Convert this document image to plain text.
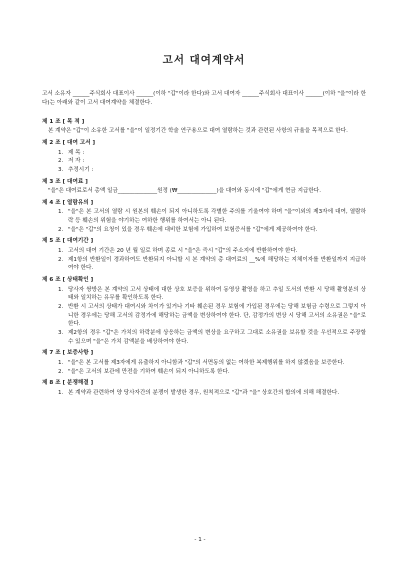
고서 대여계약서
고서 소유자 ______주식회사 대표이사 ______(이하 "갑"이라 한다)와 고서 대여자 ______주식회사 대표이사 ______(이하 "을"이라 한다)는 아래와 같이 고서 대여계약을 체결한다.
제 1 조 [ 목 적 ]
본 계약은 "갑"이 소유한 고서를 "을"이 일정기간 학술 연구용으로 대여 열람하는 것과 관련된 사항의 규율을 목적으로 한다.
제 2 조 [ 대여 고서 ]
1. 제 목 :
2. 저 자 :
3. 추정시기 :
제 3 조 [ 대여료 ]
"을"은 대여료로서 총액 일금______________원정 (₩______________)을 대여와 동시에 "갑"에게 현금 지급한다.
제 4 조 [ 열람유의 ]
1. "을"은 본 고서의 열람 시 원본의 훼손이 되지 아니하도록 각별한 주의를 기울여야 하며 "을"이외의 제3자에 대여, 열람하락 등 훼손의 위험을 야기하는 여하한 행위를 하여서는 아니 된다.
2. "을"은 "갑"의 요청이 있을 경우 훼손에 대비한 보험에 가입하여 보험증서를 "갑"에게 제공하여야 한다.
제 5 조 [ 대여기간 ]
1. 고서의 대여 기간은 20 년 월 일로 하며 종료 시 "을"은 즉시 "갑"의 주소지에 반환하여야 한다.
2. 제1항의 반환일이 경과하여도 반환되지 아니할 시 본 계약의 총 대여료의 __%에 해당하는 지체이자를 반환일까지 지급하여야 한다.
제 6 조 [ 상태확인 ]
1. 당사자 쌍방은 본 계약의 고서 상태에 대한 상호 보증을 위하여 동영상 촬영을 하고 추일 도서의 반환 시 당해 촬영분의 상태와 일치하는 유무를 확인하도록 한다.
2. 반환 시 고서의 상태가 대여시와 차이가 있거나 기타 훼손된 경우 보험에 가입된 경우에는 당해 보험금 수령으로 그렇지 아니한 경우에는 당해 고서의 감정가에 해당하는 금액을 변상하여야 한다. 단, 감정가의 변상 시 당해 고서의 소유권은 "을"로 한다.
3. 제2항의 경우 "갑"은 가치의 하락분에 상응하는 금액의 변상을 요구하고 그대로 소유권을 보유할 것을 우선적으로 주장할 수 있으며 "을"은 가치 감액분을 배상하여야 한다.
제 7 조 [ 보증사항 ]
1. "을"은 본 고서를 제3자에게 유출하지 아니함과 "갑"의 서면동의 없는 여하한 복제행위를 하지 않겠음을 보증한다.
2. "을"은 고서의 보관에 만전을 기하여 훼손이 되지 아니하도록 한다.
제 8 조 [ 분쟁해결 ]
1. 본 계약과 관련하여 양 당사자간의 분쟁이 발생한 경우, 원칙적으로 "갑"과 "을" 상호간의 합의에 의해 해결한다.
- 1 -
